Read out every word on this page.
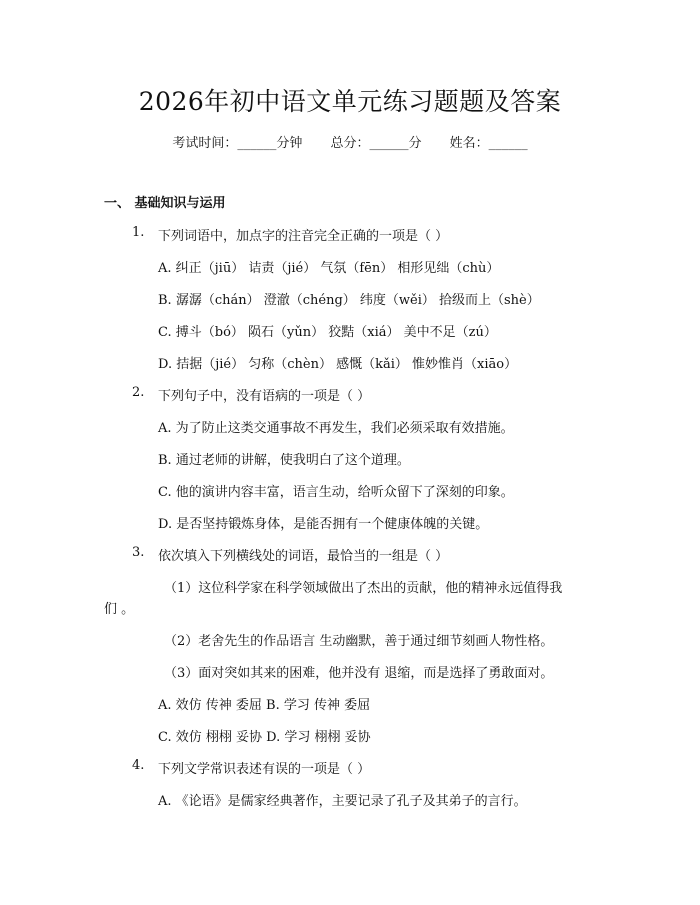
2026年初中语文单元练习题题及答案
考试时间：______分钟 总分：______分 姓名：______
一、 基础知识与运用
1. 下列词语中，加点字的注音完全正确的一项是（ ）
A. 纠正（jiū） 诘责（jié） 气氛（fēn） 相形见绌（chù）
B. 潺潺（chán） 澄澈（chéng） 纬度（wěi） 拾级而上（shè）
C. 搏斗（bó） 陨石（yǔn） 狡黠（xiá） 美中不足（zú）
D. 拮据（jié） 匀称（chèn） 感慨（kǎi） 惟妙惟肖（xiāo）
2. 下列句子中，没有语病的一项是（ ）
A. 为了防止这类交通事故不再发生，我们必须采取有效措施。
B. 通过老师的讲解，使我明白了这个道理。
C. 他的演讲内容丰富，语言生动，给听众留下了深刻的印象。
D. 是否坚持锻炼身体，是能否拥有一个健康体魄的关键。
3. 依次填入下列横线处的词语，最恰当的一组是（ ）
（1）这位科学家在科学领域做出了杰出的贡献，他的精神永远值得我
们 。
（2）老舍先生的作品语言 生动幽默，善于通过细节刻画人物性格。
（3）面对突如其来的困难，他并没有 退缩，而是选择了勇敢面对。
A. 效仿 传神 委屈 B. 学习 传神 委屈
C. 效仿 栩栩 妥协 D. 学习 栩栩 妥协
4. 下列文学常识表述有误的一项是（ ）
A. 《论语》是儒家经典著作，主要记录了孔子及其弟子的言行。
